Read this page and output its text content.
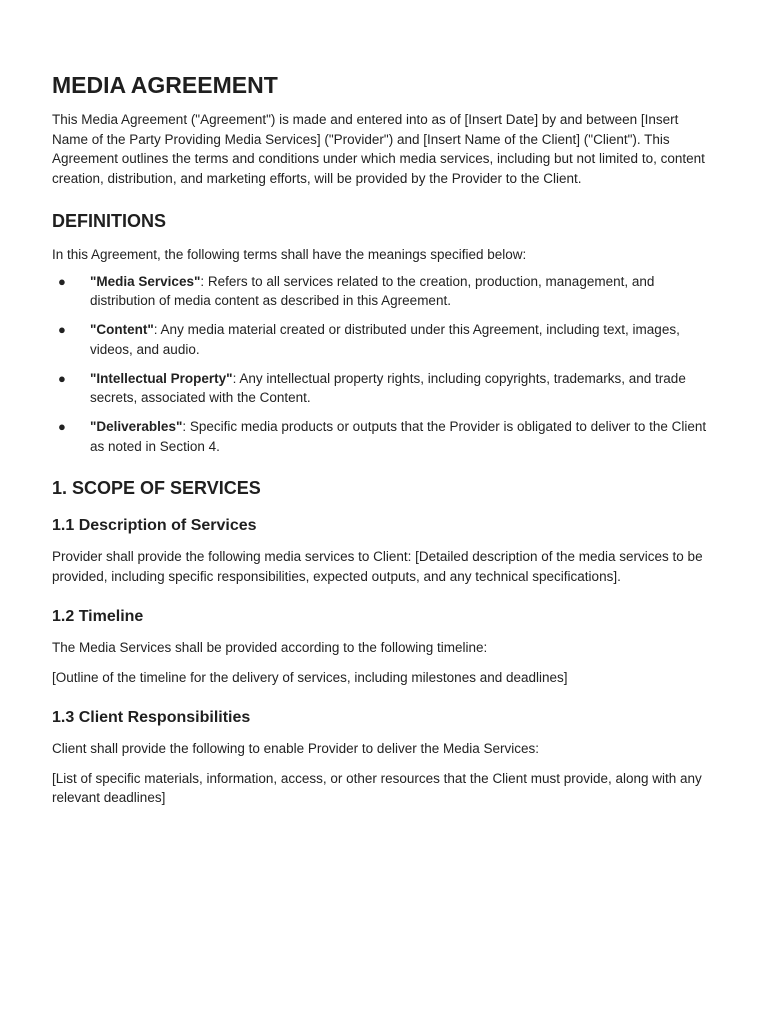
MEDIA AGREEMENT

This Media Agreement ("Agreement") is made and entered into as of [Insert Date] by and between [Insert Name of the Party Providing Media Services] ("Provider") and [Insert Name of the Client] ("Client"). This Agreement outlines the terms and conditions under which media services, including but not limited to, content creation, distribution, and marketing efforts, will be provided by the Provider to the Client.

DEFINITIONS

In this Agreement, the following terms shall have the meanings specified below:

● "Media Services": Refers to all services related to the creation, production, management, and distribution of media content as described in this Agreement.
● "Content": Any media material created or distributed under this Agreement, including text, images, videos, and audio.
● "Intellectual Property": Any intellectual property rights, including copyrights, trademarks, and trade secrets, associated with the Content.
● "Deliverables": Specific media products or outputs that the Provider is obligated to deliver to the Client as noted in Section 4.
1. SCOPE OF SERVICES
1.1 Description of Services

Provider shall provide the following media services to Client: [Detailed description of the media services to be provided, including specific responsibilities, expected outputs, and any technical specifications].

1.2 Timeline

The Media Services shall be provided according to the following timeline:

[Outline of the timeline for the delivery of services, including milestones and deadlines]

1.3 Client Responsibilities

Client shall provide the following to enable Provider to deliver the Media Services:

[List of specific materials, information, access, or other resources that the Client must provide, along with any relevant deadlines]
